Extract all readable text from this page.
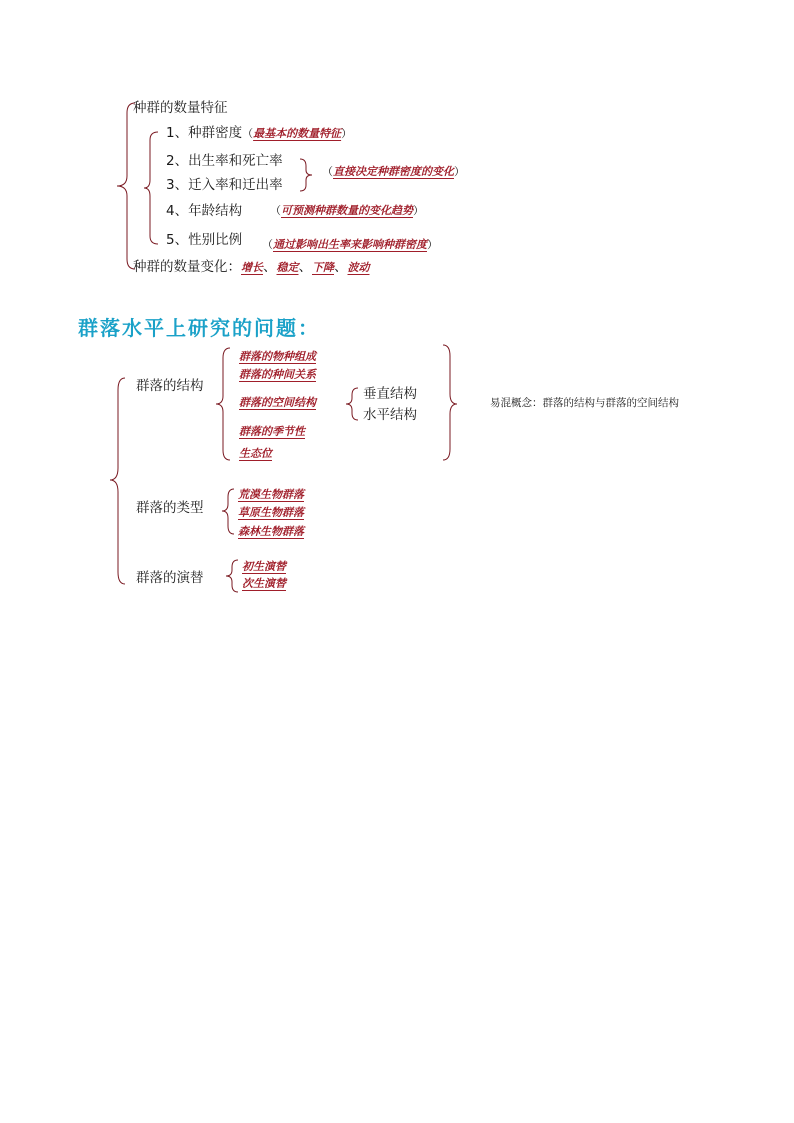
种群的数量特征
1、种群密度（最基本的数量特征）
2、出生率和死亡率
3、迁入率和迁出率
（直接决定种群密度的变化）
4、年龄结构	（可预测种群数量的变化趋势）
5、性别比例 （通过影响出生率来影响种群密度）
种群的数量变化：增长、稳定、下降、波动
群落水平上研究的问题：
群落的结构
群落的物种组成
群落的种间关系
群落的空间结构
群落的季节性
生态位
垂直结构
水平结构
易混概念：群落的结构与群落的空间结构
群落的类型
荒漠生物群落
草原生物群落
森林生物群落
群落的演替
初生演替
次生演替
